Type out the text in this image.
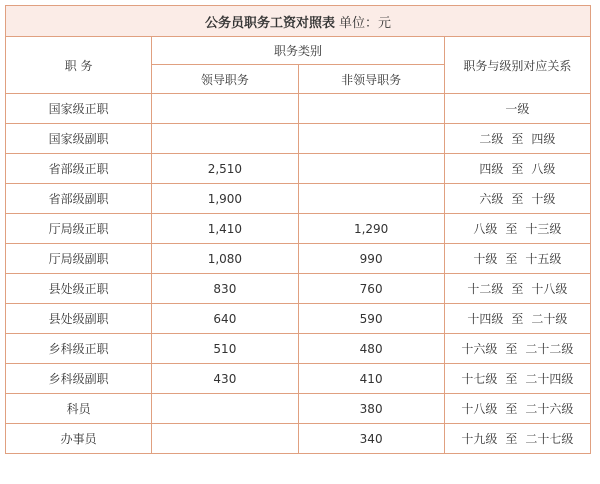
公务员职务工资对照表 单位：元			
职 务	职务类别		职务与级别对应关系
	领导职务	非领导职务	
国家级正职			一级
国家级副职			二级 至 四级
省部级正职	2,510		四级 至 八级
省部级副职	1,900		六级 至 十级
厅局级正职	1,410	1,290	八级 至 十三级
厅局级副职	1,080	990	十级 至 十五级
县处级正职	830	760	十二级 至 十八级
县处级副职	640	590	十四级 至 二十级
乡科级正职	510	480	十六级 至 二十二级
乡科级副职	430	410	十七级 至 二十四级
科员		380	十八级 至 二十六级
办事员		340	十九级 至 二十七级
